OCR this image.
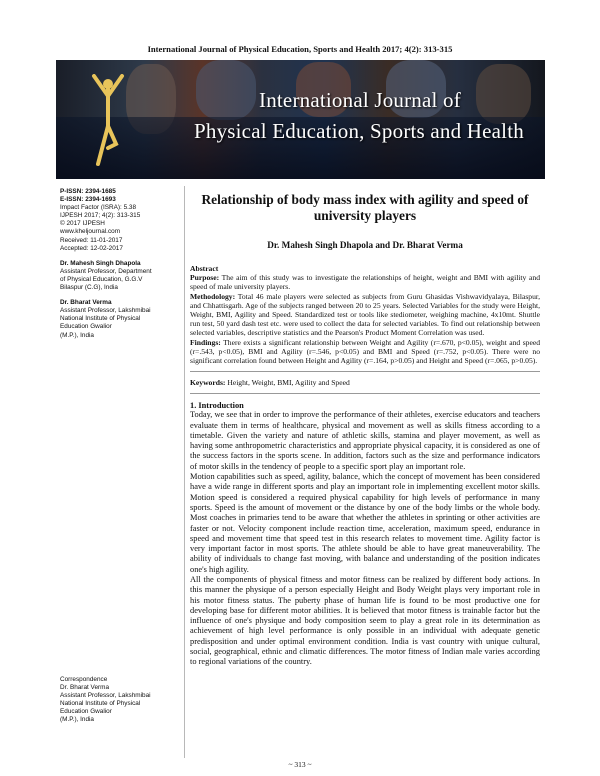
International Journal of Physical Education, Sports and Health 2017; 4(2): 313-315
International Journal of
Physical Education, Sports and Health
P-ISSN: 2394-1685
E-ISSN: 2394-1693
Impact Factor (ISRA): 5.38
IJPESH 2017; 4(2): 313-315
© 2017 IJPESH
www.kheljournal.com
Received: 11-01-2017
Accepted: 12-02-2017
Dr. Mahesh Singh Dhapola
Assistant Professor, Department
of Physical Education, G.G.V
Bilaspur (C.G), India
Dr. Bharat Verma
Assistant Professor, Lakshmibai
National Institute of Physical
Education Gwalior
(M.P.), India
Correspondence
Dr. Bharat Verma
Assistant Professor, Lakshmibai
National Institute of Physical
Education Gwalior
(M.P.), India
Relationship of body mass index with agility and speed of university players
Dr. Mahesh Singh Dhapola and Dr. Bharat Verma

Abstract

Purpose: The aim of this study was to investigate the relationships of height, weight and BMI with agility and speed of male university players.

Methodology: Total 46 male players were selected as subjects from Guru Ghasidas Vishwavidyalaya, Bilaspur, and Chhattisgarh. Age of the subjects ranged between 20 to 25 years. Selected Variables for the study were Height, Weight, BMI, Agility and Speed. Standardized test or tools like stediometer, weighing machine, 4x10mt. Shuttle run test, 50 yard dash test etc. were used to collect the data for selected variables. To find out relationship between selected variables, descriptive statistics and the Pearson's Product Moment Correlation was used.

Findings: There exists a significant relationship between Weight and Agility (r=.670, p<0.05), weight and speed (r=.543, p<0.05), BMI and Agility (r=.546, p<0.05) and BMI and Speed (r=.752, p<0.05). There were no significant correlation found between Height and Agility (r=.164, p>0.05) and Height and Speed (r=.065, p>0.05).

Keywords: Height, Weight, BMI, Agility and Speed
1. Introduction

Today, we see that in order to improve the performance of their athletes, exercise educators and teachers evaluate them in terms of healthcare, physical and movement as well as skills fitness according to a timetable. Given the variety and nature of athletic skills, stamina and player movement, as well as having some anthropometric characteristics and appropriate physical capacity, it is considered as one of the success factors in the sports scene. In addition, factors such as the size and performance indicators of motor skills in the tendency of people to a specific sport play an important role.

Motion capabilities such as speed, agility, balance, which the concept of movement has been considered have a wide range in different sports and play an important role in implementing excellent motor skills. Motion speed is considered a required physical capability for high levels of performance in many sports. Speed is the amount of movement or the distance by one of the body limbs or the whole body. Most coaches in primaries tend to be aware that whether the athletes in sprinting or other activities are faster or not. Velocity component include reaction time, acceleration, maximum speed, endurance in speed and movement time that speed test in this research relates to movement time. Agility factor is very important factor in most sports. The athlete should be able to have great maneuverability. The ability of individuals to change fast moving, with balance and understanding of the position indicates one's high agility.

All the components of physical fitness and motor fitness can be realized by different body actions. In this manner the physique of a person especially Height and Body Weight plays very important role in his motor fitness status. The puberty phase of human life is found to be most productive one for developing base for different motor abilities. It is believed that motor fitness is trainable factor but the influence of one's physique and body composition seem to play a great role in its determination as achievement of high level performance is only possible in an individual with adequate genetic predisposition and under optimal environment condition. India is vast country with unique cultural, social, geographical, ethnic and climatic differences. The motor fitness of Indian male varies according to regional variations of the country.

~ 313 ~
